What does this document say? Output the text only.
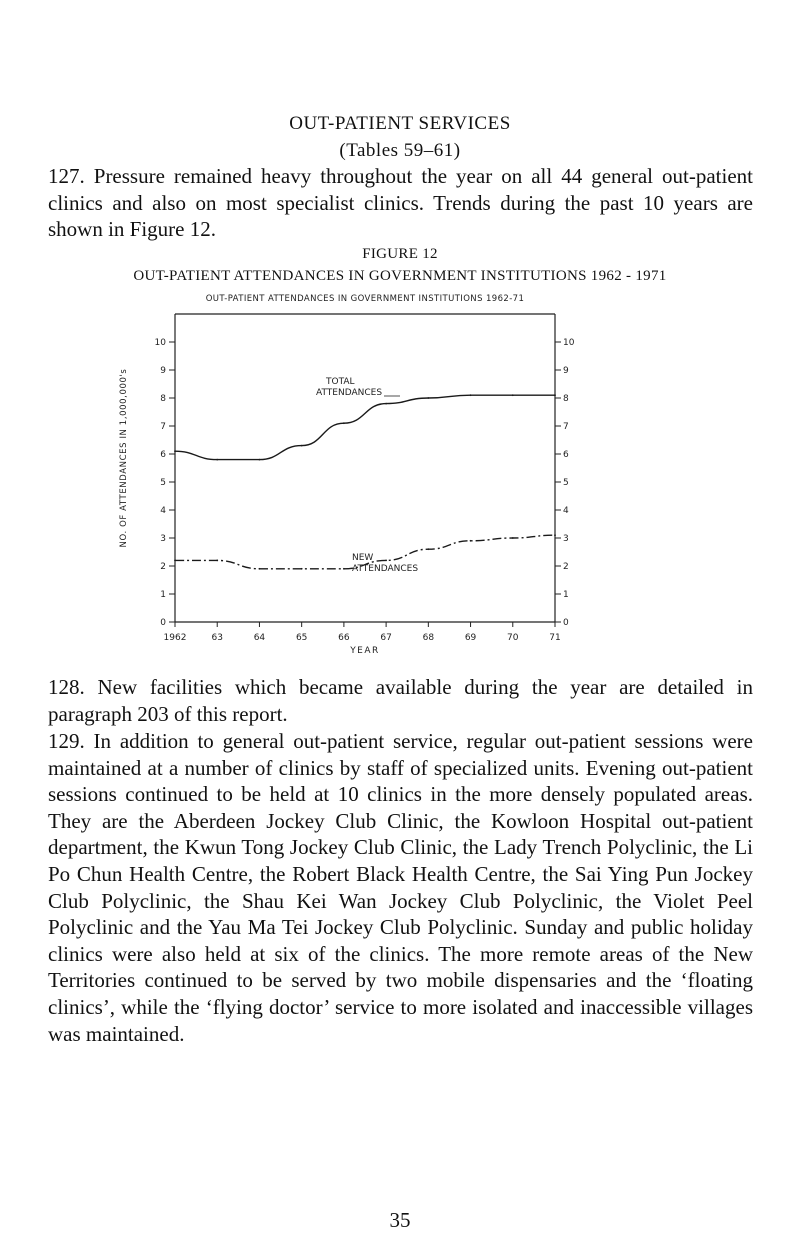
OUT-PATIENT SERVICES
(Tables 59–61)

127. Pressure remained heavy throughout the year on all 44 general out-patient clinics and also on most specialist clinics. Trends during the past 10 years are shown in Figure 12.

FIGURE 12
OUT-PATIENT ATTENDANCES IN GOVERNMENT INSTITUTIONS 1962 - 1971
OUT-PATIENT ATTENDANCES IN GOVERNMENT INSTITUTIONS 1962-71
0	0
1	1
2	2
3	3
4	4
5	5
6	6
7	7
8	8
9	9
10	10
1962	63	64	65	66	67	68	69	70	71
YEAR
NO. OF ATTENDANCES IN 1,000,000's	TOTAL
ATTENDANCES
NEW
ATTENDANCES

128. New facilities which became available during the year are detailed in paragraph 203 of this report.

129. In addition to general out-patient service, regular out-patient sessions were maintained at a number of clinics by staff of specialized units. Evening out-patient sessions continued to be held at 10 clinics in the more densely populated areas. They are the Aberdeen Jockey Club Clinic, the Kowloon Hospital out-patient department, the Kwun Tong Jockey Club Clinic, the Lady Trench Polyclinic, the Li Po Chun Health Centre, the Robert Black Health Centre, the Sai Ying Pun Jockey Club Polyclinic, the Shau Kei Wan Jockey Club Polyclinic, the Violet Peel Polyclinic and the Yau Ma Tei Jockey Club Polyclinic. Sunday and public holiday clinics were also held at six of the clinics. The more remote areas of the New Territories continued to be served by two mobile dispensaries and the ‘floating clinics’, while the ‘flying doctor’ service to more isolated and inaccessible villages was maintained.

35
